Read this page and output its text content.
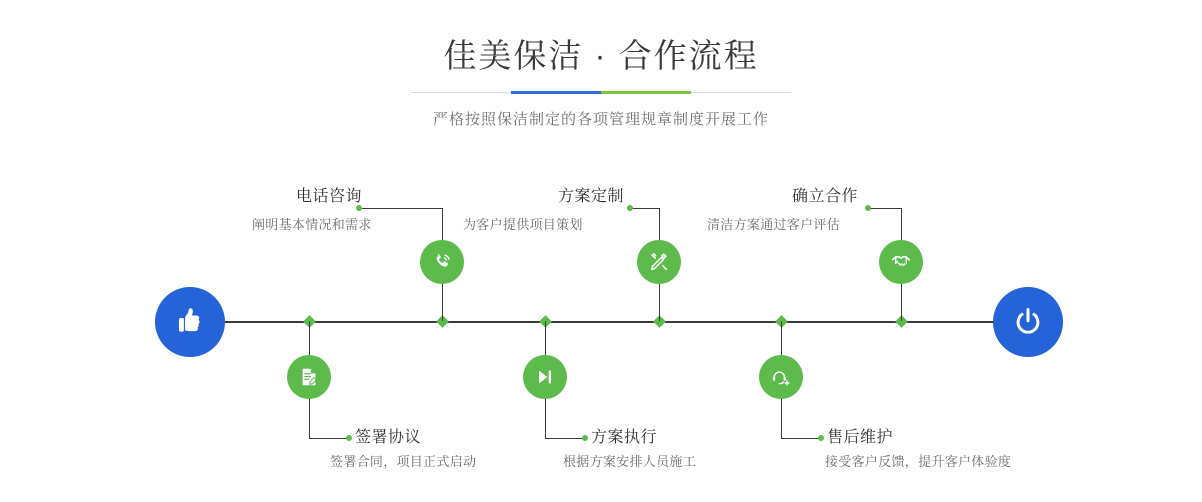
佳美保洁 · 合作流程

严格按照保洁制定的各项管理规章制度开展工作

电话咨询
阐明基本情况和需求
签署协议
签署合同，项目正式启动
方案定制
为客户提供项目策划
方案执行
根据方案安排人员施工
确立合作
清洁方案通过客户评估
售后维护
接受客户反馈，提升客户体验度
